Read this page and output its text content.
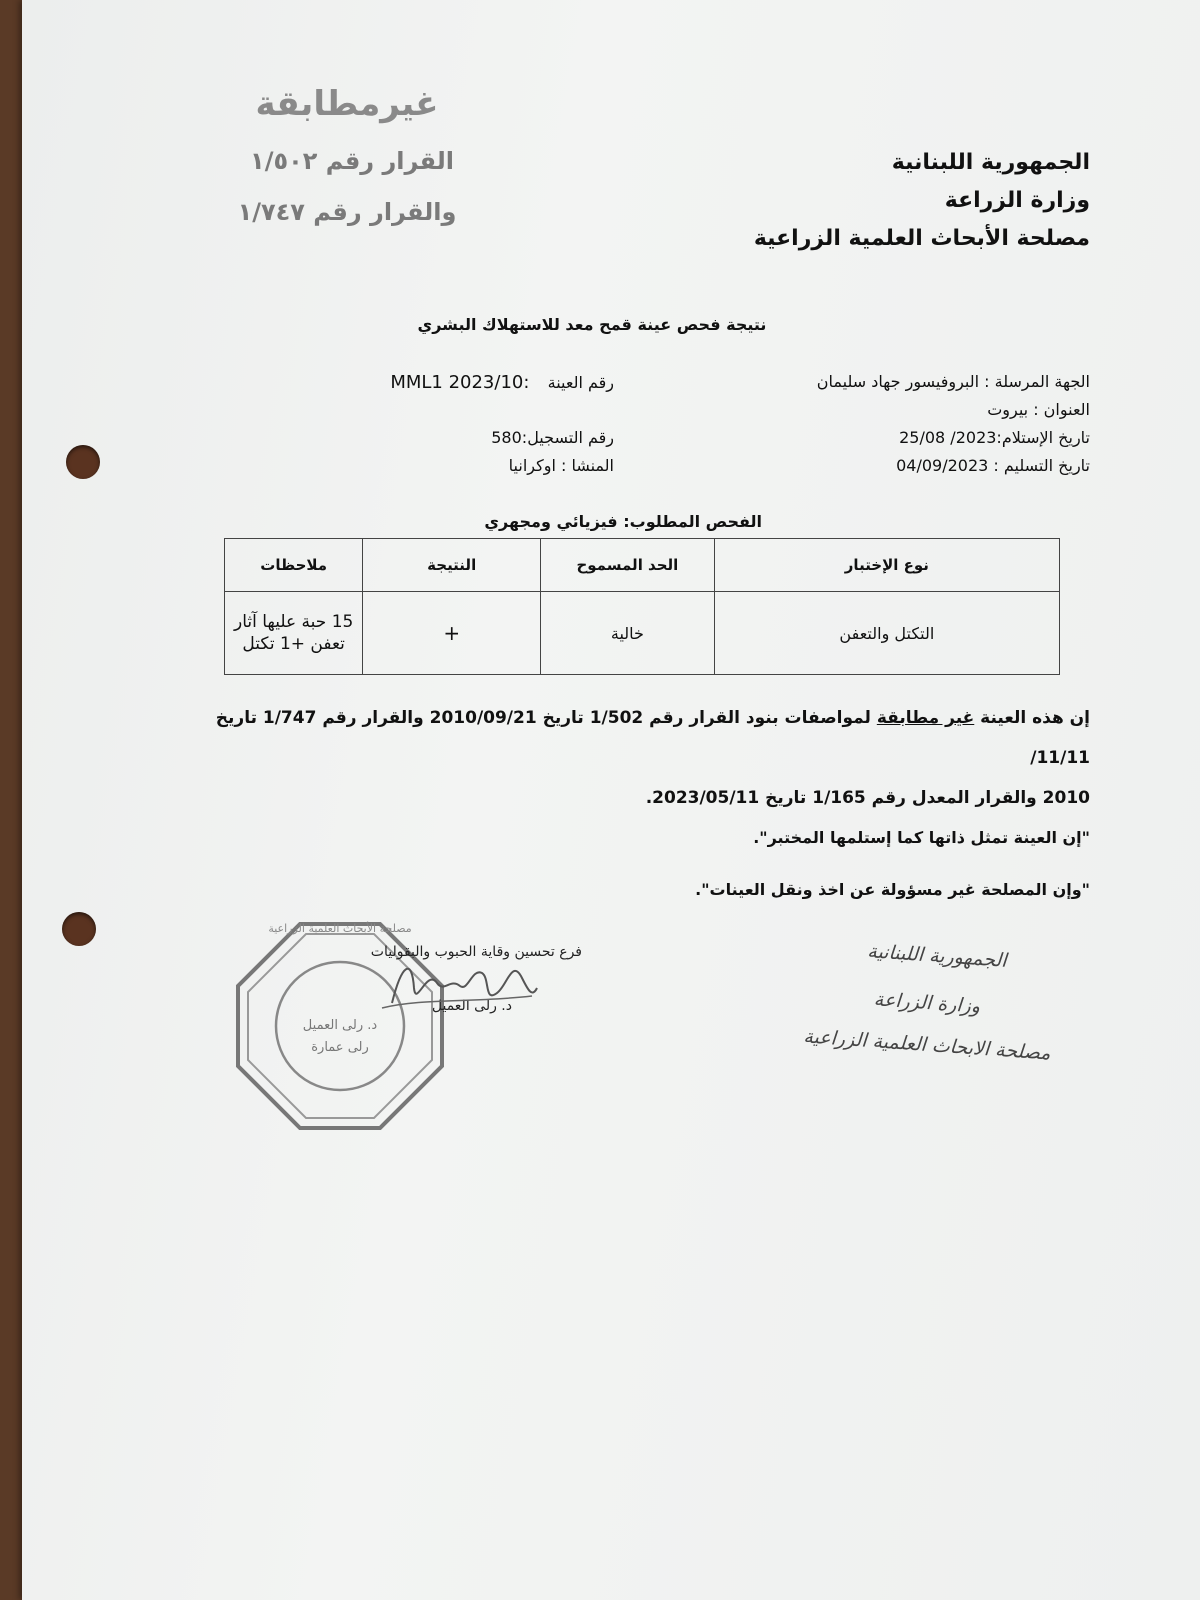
غيرمطابقة
القرار رقم ١/٥٠٢
والقرار رقم ١/٧٤٧
الجمهورية اللبنانية
وزارة الزراعة
مصلحة الأبحاث العلمية الزراعية
نتيجة فحص عينة قمح معد للاستهلاك البشري
الجهة المرسلة : البروفيسور جهاد سليمان
العنوان : بيروت
تاريخ الإستلام:2023/ 25/08
تاريخ التسليم : 04/09/2023
رقم العينة  MML1 2023/10:
رقم التسجيل:580
المنشا : اوكرانيا
الفحص المطلوب: فيزيائي ومجهري
نوع الإختبار	الحد المسموح	النتيجة	ملاحظات
التكتل والتعفن	خالية	+	15 حبة عليها آثار تعفن +1 تكتل
إن هذه العينة غير مطابقة لمواصفات بنود القرار رقم 1/502 تاريخ 2010/09/21 والقرار رقم 1/747 تاريخ 11/11/
2010 والقرار المعدل رقم 1/165 تاريخ 2023/05/11.
"إن العينة تمثل ذاتها كما إستلمها المختبر".
"وإن المصلحة غير مسؤولة عن اخذ ونقل العينات".
مصلحة الأبحاث العلمية الزراعية
د. رلى العميل
رلى عمارة
فرع تحسين وقاية الحبوب والبقوليات
د. رلى العميل
الجمهورية اللبنانية
وزارة الزراعة
مصلحة الابحاث العلمية الزراعية
